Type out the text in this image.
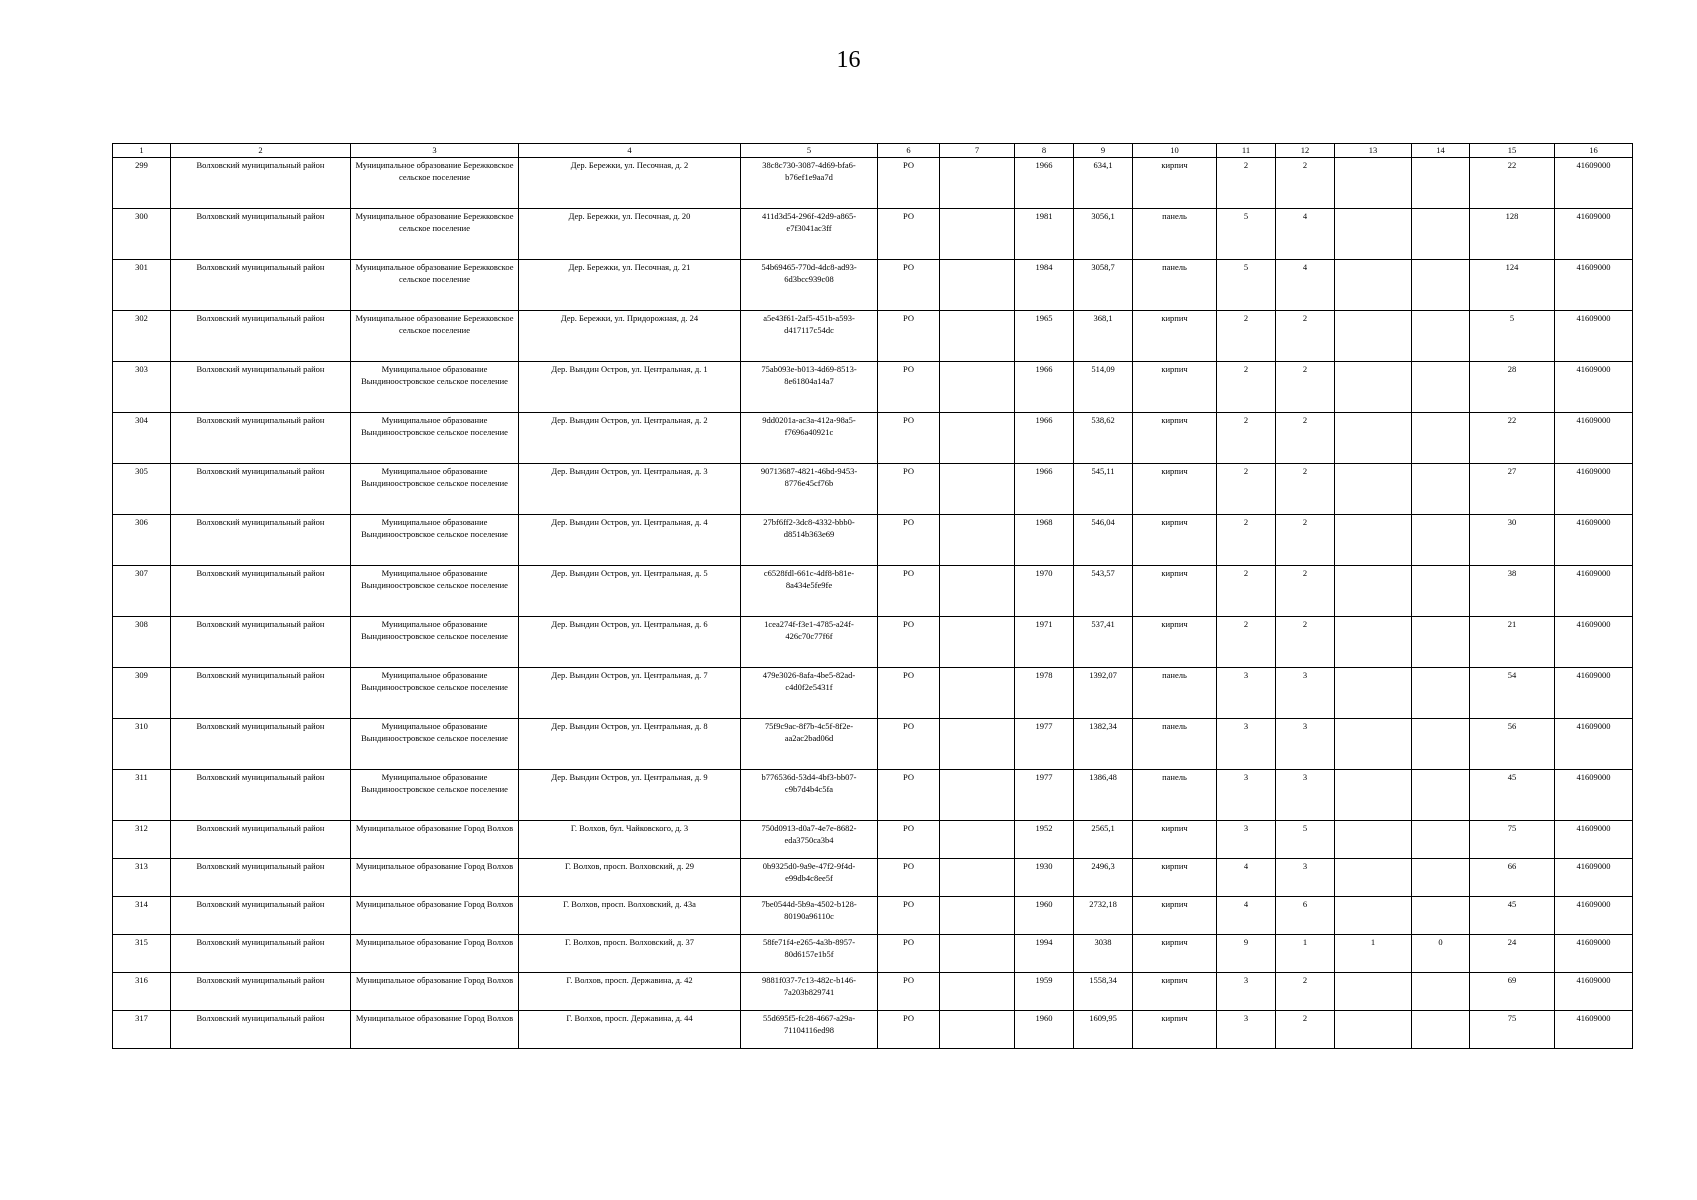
16
1	2	3	4	5	6	7	8	9	10	11	12	13	14	15	16
299	Волховский муниципальный район	Муниципальное образование Бережковское сельское поселение	Дер. Бережки, ул. Песочная, д. 2	38c8c730-3087-4d69-bfa6-b76ef1e9aa7d	РО		1966	634,1	кирпич	2	2			22	41609000
300	Волховский муниципальный район	Муниципальное образование Бережковское сельское поселение	Дер. Бережки, ул. Песочная, д. 20	411d3d54-296f-42d9-a865-e7f3041ac3ff	РО		1981	3056,1	панель	5	4			128	41609000
301	Волховский муниципальный район	Муниципальное образование Бережковское сельское поселение	Дер. Бережки, ул. Песочная, д. 21	54b69465-770d-4dc8-ad93-6d3bcc939c08	РО		1984	3058,7	панель	5	4			124	41609000
302	Волховский муниципальный район	Муниципальное образование Бережковское сельское поселение	Дер. Бережки, ул. Придорожная, д. 24	a5e43f61-2af5-451b-a593-d417117c54dc	РО		1965	368,1	кирпич	2	2			5	41609000
303	Волховский муниципальный район	Муниципальное образование Вындиноостровское сельское поселение	Дер. Вындин Остров, ул. Центральная, д. 1	75ab093e-b013-4d69-8513-8e61804a14a7	РО		1966	514,09	кирпич	2	2			28	41609000
304	Волховский муниципальный район	Муниципальное образование Вындиноостровское сельское поселение	Дер. Вындин Остров, ул. Центральная, д. 2	9dd0201a-ac3a-412a-98a5-f7696a40921c	РО		1966	538,62	кирпич	2	2			22	41609000
305	Волховский муниципальный район	Муниципальное образование Вындиноостровское сельское поселение	Дер. Вындин Остров, ул. Центральная, д. 3	90713687-4821-46bd-9453-8776e45cf76b	РО		1966	545,11	кирпич	2	2			27	41609000
306	Волховский муниципальный район	Муниципальное образование Вындиноостровское сельское поселение	Дер. Вындин Остров, ул. Центральная, д. 4	27bf6ff2-3dc8-4332-bbb0-d8514b363e69	РО		1968	546,04	кирпич	2	2			30	41609000
307	Волховский муниципальный район	Муниципальное образование Вындиноостровское сельское поселение	Дер. Вындин Остров, ул. Центральная, д. 5	c6528fdl-661c-4df8-b81e-8a434e5fe9fe	РО		1970	543,57	кирпич	2	2			38	41609000
308	Волховский муниципальный район	Муниципальное образование Вындиноостровское сельское поселение	Дер. Вындин Остров, ул. Центральная, д. 6	1cea274f-f3e1-4785-a24f-426c70c77f6f	РО		1971	537,41	кирпич	2	2			21	41609000
309	Волховский муниципальный район	Муниципальное образование Вындиноостровское сельское поселение	Дер. Вындин Остров, ул. Центральная, д. 7	479e3026-8afa-4be5-82ad-c4d0f2e5431f	РО		1978	1392,07	панель	3	3			54	41609000
310	Волховский муниципальный район	Муниципальное образование Вындиноостровское сельское поселение	Дер. Вындин Остров, ул. Центральная, д. 8	75f9c9ac-8f7b-4c5f-8f2e-aa2ac2bad06d	РО		1977	1382,34	панель	3	3			56	41609000
311	Волховский муниципальный район	Муниципальное образование Вындиноостровское сельское поселение	Дер. Вындин Остров, ул. Центральная, д. 9	b776536d-53d4-4bf3-bb07-c9b7d4b4c5fa	РО		1977	1386,48	панель	3	3			45	41609000
312	Волховский муниципальный район	Муниципальное образование Город Волхов	Г. Волхов, бул. Чайковского, д. 3	750d0913-d0a7-4e7e-8682-eda3750ca3b4	РО		1952	2565,1	кирпич	3	5			75	41609000
313	Волховский муниципальный район	Муниципальное образование Город Волхов	Г. Волхов, просп. Волховский, д. 29	0b9325d0-9a9e-47f2-9f4d-e99db4c8ee5f	РО		1930	2496,3	кирпич	4	3			66	41609000
314	Волховский муниципальный район	Муниципальное образование Город Волхов	Г. Волхов, просп. Волховский, д. 43а	7be0544d-5b9a-4502-b128-80190a96110c	РО		1960	2732,18	кирпич	4	6			45	41609000
315	Волховский муниципальный район	Муниципальное образование Город Волхов	Г. Волхов, просп. Волховский, д. 37	58fe71f4-e265-4a3b-8957-80d6157e1b5f	РО		1994	3038	кирпич	9	1	1	0	24	41609000
316	Волховский муниципальный район	Муниципальное образование Город Волхов	Г. Волхов, просп. Державина, д. 42	9881f037-7c13-482c-b146-7a203b829741	РО		1959	1558,34	кирпич	3	2			69	41609000
317	Волховский муниципальный район	Муниципальное образование Город Волхов	Г. Волхов, просп. Державина, д. 44	55d695f5-fc28-4667-a29a-71104116ed98	РО		1960	1609,95	кирпич	3	2			75	41609000
